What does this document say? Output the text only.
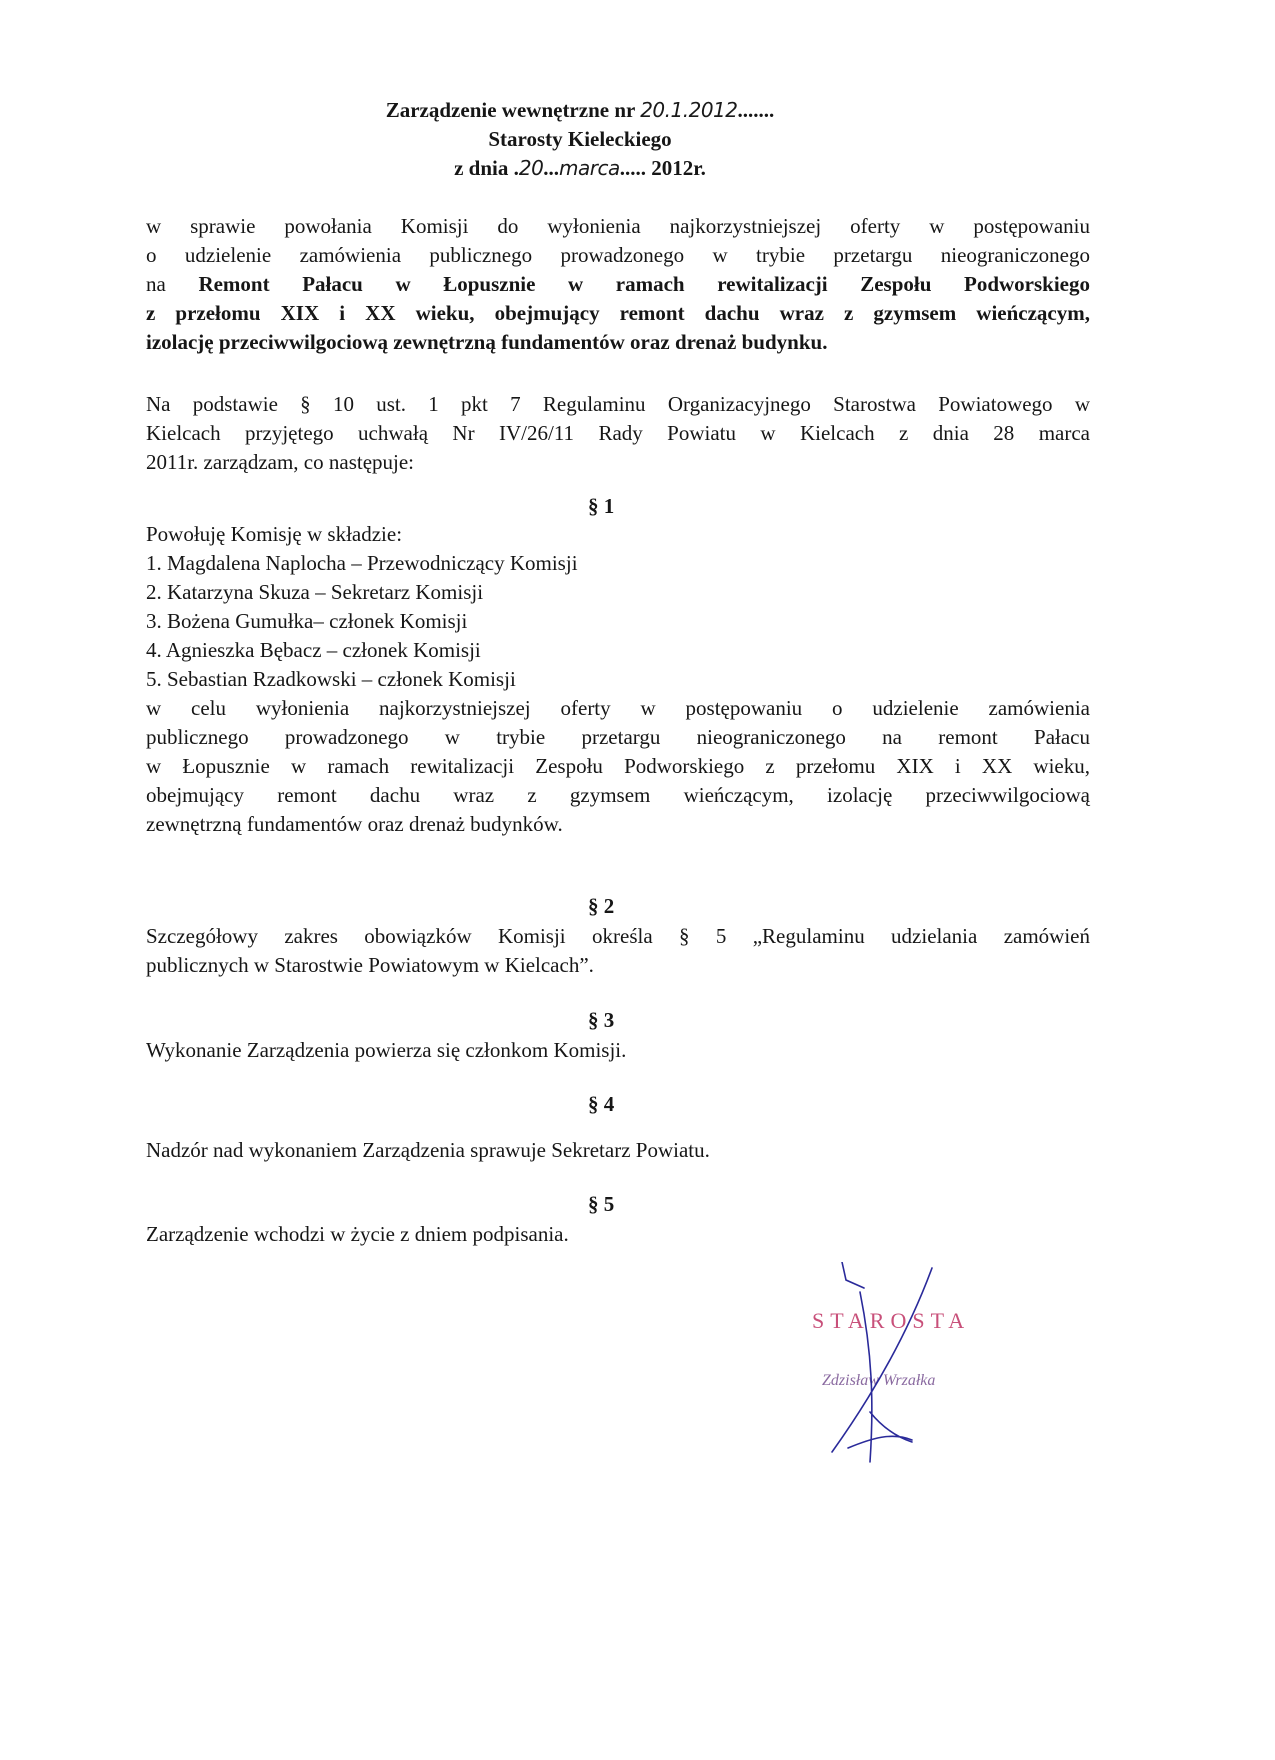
Zarządzenie wewnętrzne nr 20.1.2012.......
Starosty Kieleckiego
z dnia .20...marca..... 2012r.
w sprawie powołania Komisji do wyłonienia najkorzystniejszej oferty w postępowaniu
o udzielenie zamówienia publicznego prowadzonego w trybie przetargu nieograniczonego
na Remont Pałacu w Łopusznie w ramach rewitalizacji Zespołu Podworskiego
z przełomu XIX i XX wieku, obejmujący remont dachu wraz z gzymsem wieńczącym,
izolację przeciwwilgociową zewnętrzną fundamentów oraz drenaż budynku.
Na podstawie § 10 ust. 1 pkt 7 Regulaminu Organizacyjnego Starostwa Powiatowego w
Kielcach przyjętego uchwałą Nr IV/26/11 Rady Powiatu w Kielcach z dnia 28 marca
2011r. zarządzam, co następuje:
§ 1
Powołuję Komisję w składzie:
1. Magdalena Naplocha – Przewodniczący Komisji
2. Katarzyna Skuza – Sekretarz Komisji
3. Bożena Gumułka– członek Komisji
4. Agnieszka Bębacz – członek Komisji
5. Sebastian Rzadkowski – członek Komisji
w celu wyłonienia najkorzystniejszej oferty w postępowaniu o udzielenie zamówienia
publicznego prowadzonego w trybie przetargu nieograniczonego na remont Pałacu
w Łopusznie w ramach rewitalizacji Zespołu Podworskiego z przełomu XIX i XX wieku,
obejmujący remont dachu wraz z gzymsem wieńczącym, izolację przeciwwilgociową
zewnętrzną fundamentów oraz drenaż budynków.
§ 2
Szczegółowy zakres obowiązków Komisji określa § 5 „Regulaminu udzielania zamówień
publicznych w Starostwie Powiatowym w Kielcach”.
§ 3
Wykonanie Zarządzenia powierza się członkom Komisji.
§ 4
Nadzór nad wykonaniem Zarządzenia sprawuje Sekretarz Powiatu.
§ 5
Zarządzenie wchodzi w życie z dniem podpisania.
STAROSTA
Zdzisław Wrzałka
